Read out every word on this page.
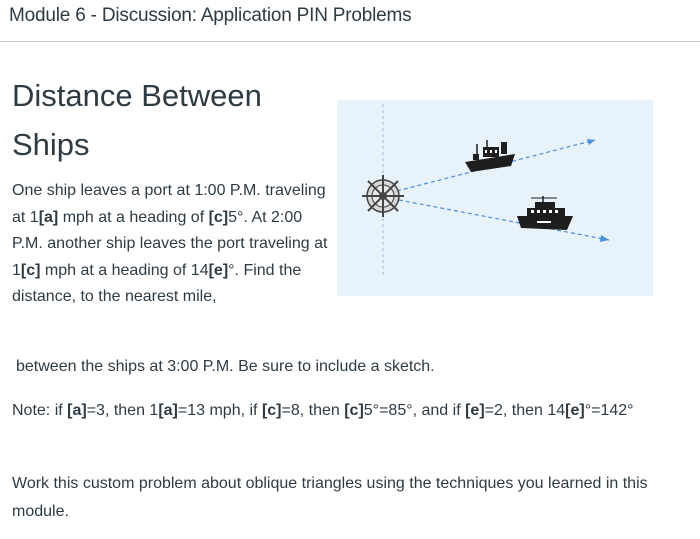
Module 6 - Discussion: Application PIN Problems
Distance Between Ships
One ship leaves a port at 1:00 P.M. traveling at 1[a] mph at a heading of [c]5°. At 2:00 P.M. another ship leaves the port traveling at 1[c] mph at a heading of 14[e]°. Find the distance, to the nearest mile,
between the ships at 3:00 P.M. Be sure to include a sketch.
Note: if [a]=3, then 1[a]=13 mph, if [c]=8, then [c]5°=85°, and if [e]=2, then 14[e]°=142°
Work this custom problem about oblique triangles using the techniques you learned in this module.
